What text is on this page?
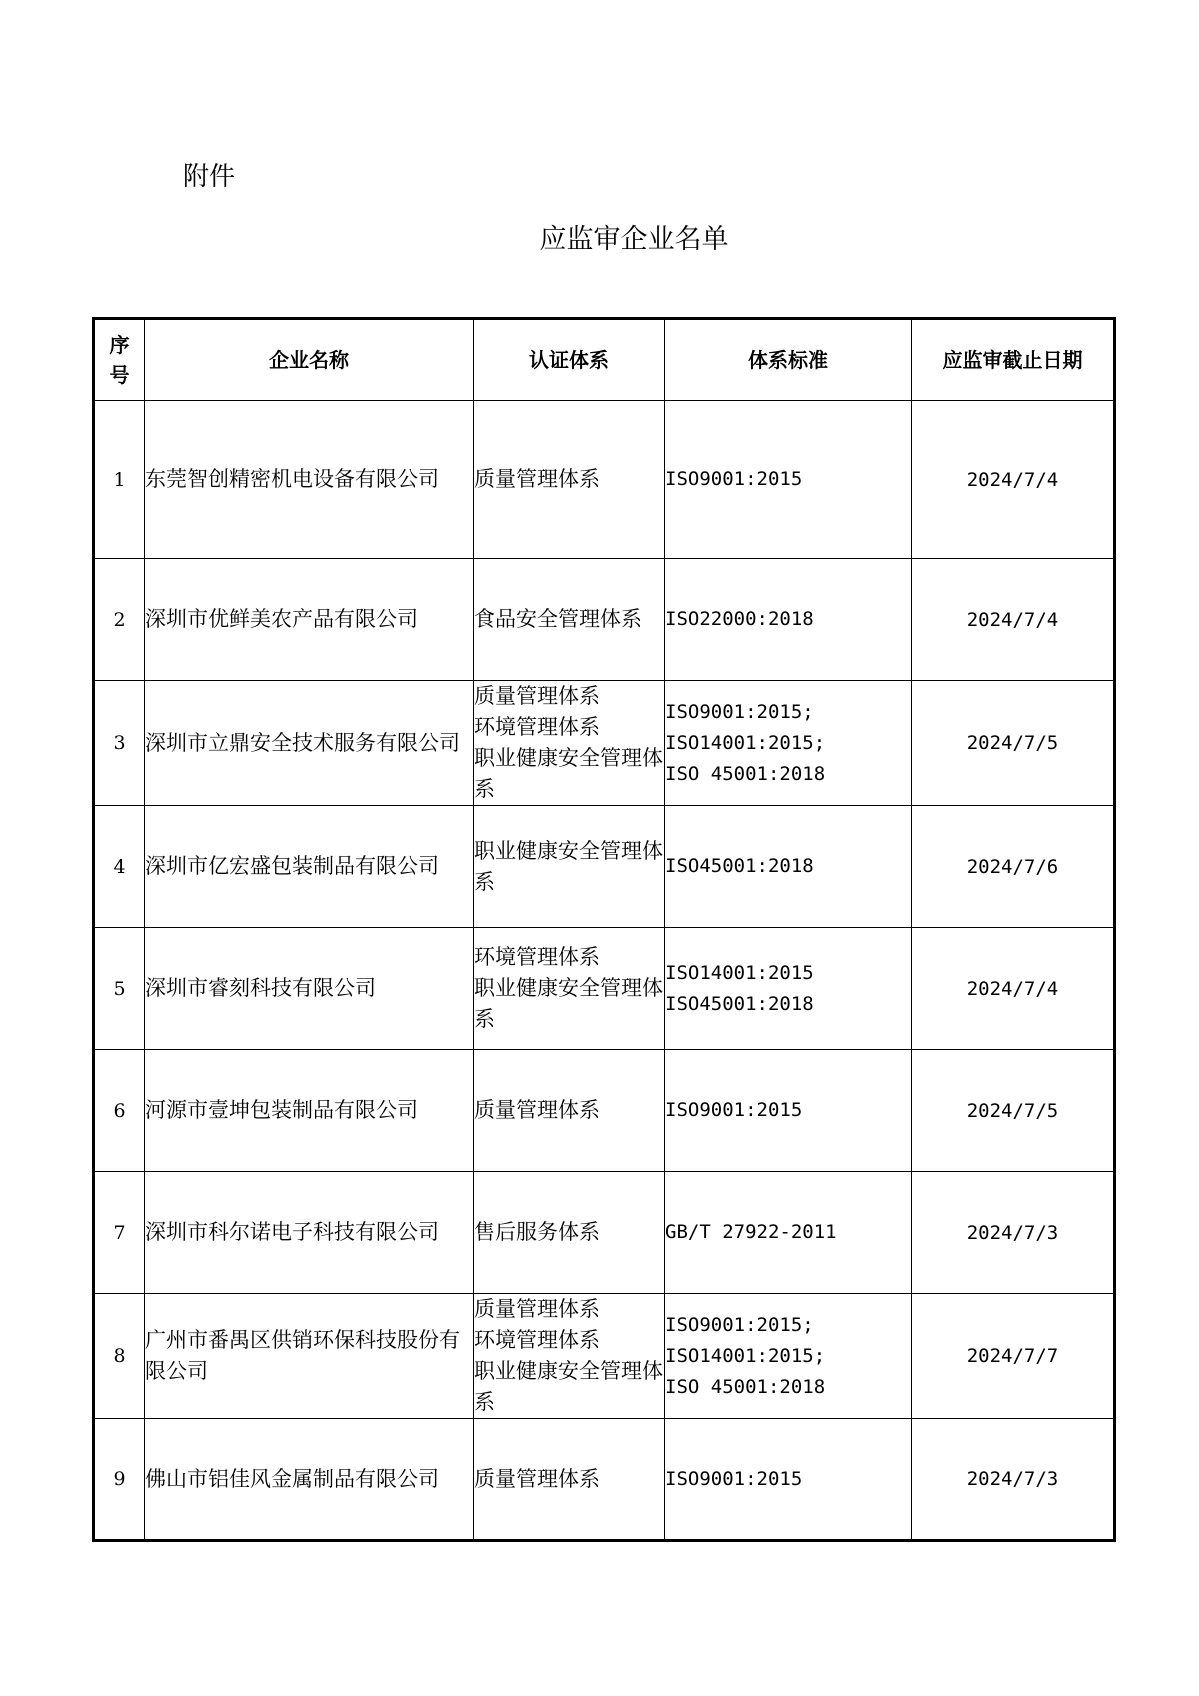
附件
应监审企业名单
序
号	企业名称	认证体系	体系标准	应监审截止日期
1	东莞智创精密机电设备有限公司	质量管理体系	ISO9001:2015	2024/7/4
2	深圳市优鲜美农产品有限公司	食品安全管理体系	ISO22000:2018	2024/7/4
3	深圳市立鼎安全技术服务有限公司	质量管理体系
环境管理体系
职业健康安全管理体系	ISO9001:2015;
ISO14001:2015;
ISO 45001:2018	2024/7/5
4	深圳市亿宏盛包装制品有限公司	职业健康安全管理体系	ISO45001:2018	2024/7/6
5	深圳市睿刻科技有限公司	环境管理体系
职业健康安全管理体系	ISO14001:2015
ISO45001:2018	2024/7/4
6	河源市壹坤包装制品有限公司	质量管理体系	ISO9001:2015	2024/7/5
7	深圳市科尔诺电子科技有限公司	售后服务体系	GB/T 27922-2011	2024/7/3
8	广州市番禺区供销环保科技股份有限公司	质量管理体系
环境管理体系
职业健康安全管理体系	ISO9001:2015;
ISO14001:2015;
ISO 45001:2018	2024/7/7
9	佛山市铝佳风金属制品有限公司	质量管理体系	ISO9001:2015	2024/7/3
